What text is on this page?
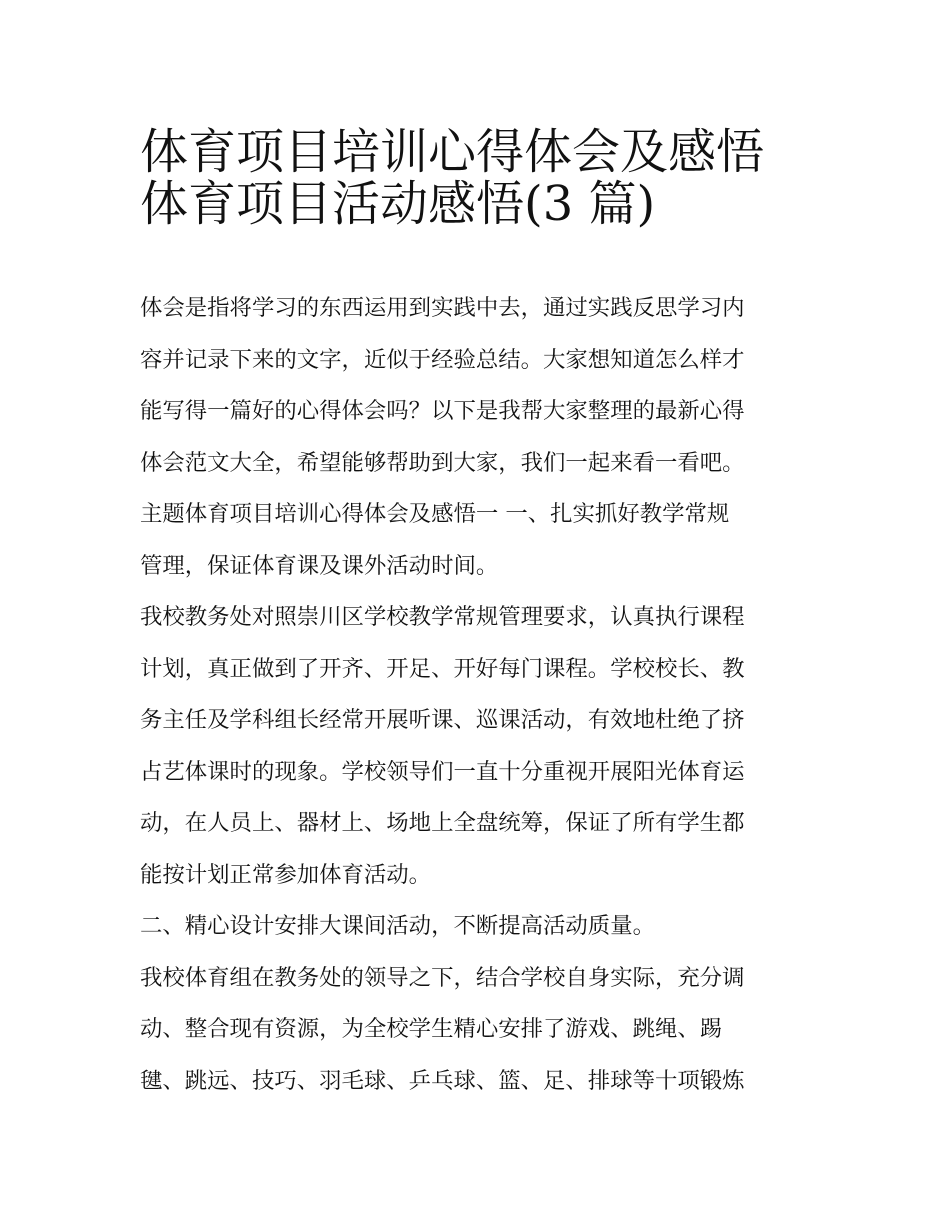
体育项目培训心得体会及感悟
体育项目活动感悟(3 篇)
体会是指将学习的东西运用到实践中去，通过实践反思学习内
容并记录下来的文字，近似于经验总结。大家想知道怎么样才
能写得一篇好的心得体会吗？以下是我帮大家整理的最新心得
体会范文大全，希望能够帮助到大家，我们一起来看一看吧。
主题体育项目培训心得体会及感悟一 一、扎实抓好教学常规
管理，保证体育课及课外活动时间。
我校教务处对照崇川区学校教学常规管理要求，认真执行课程
计划，真正做到了开齐、开足、开好每门课程。学校校长、教
务主任及学科组长经常开展听课、巡课活动，有效地杜绝了挤
占艺体课时的现象。学校领导们一直十分重视开展阳光体育运
动，在人员上、器材上、场地上全盘统筹，保证了所有学生都
能按计划正常参加体育活动。
二、精心设计安排大课间活动，不断提高活动质量。
我校体育组在教务处的领导之下，结合学校自身实际，充分调
动、整合现有资源，为全校学生精心安排了游戏、跳绳、踢
毽、跳远、技巧、羽毛球、乒乓球、篮、足、排球等十项锻炼
